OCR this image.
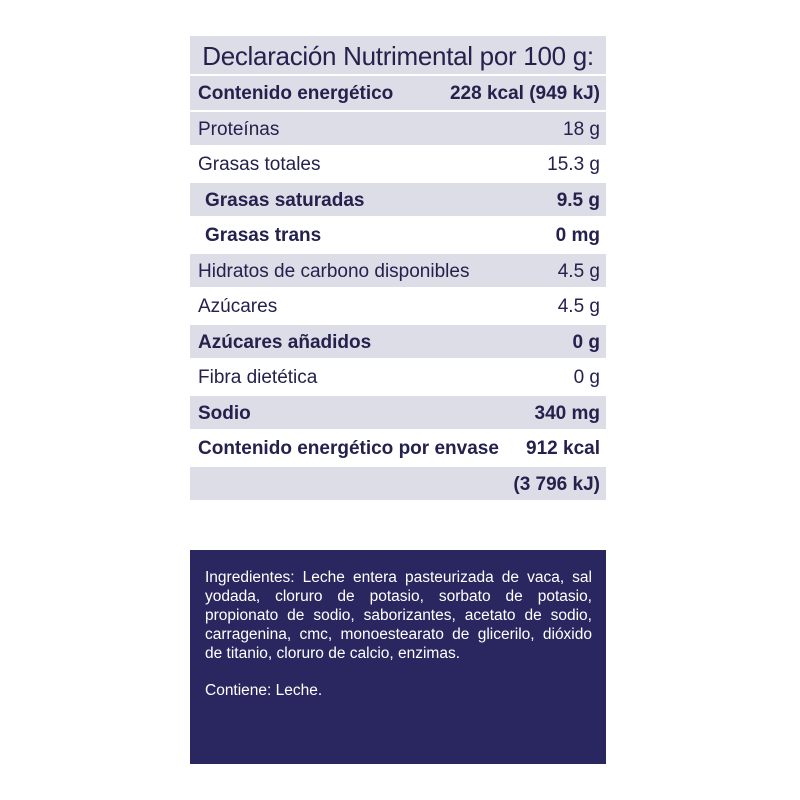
Declaración Nutrimental por 100 g:
Contenido energético	228 kcal (949 kJ)
Proteínas	18 g
Grasas totales	15.3 g
Grasas saturadas	9.5 g
Grasas trans	0 mg
Hidratos de carbono disponibles	4.5 g
Azúcares	4.5 g
Azúcares añadidos	0 g
Fibra dietética	0 g
Sodio	340 mg
Contenido energético por envase 912 kcal
(3 796 kJ)

Ingredientes: Leche entera pasteurizada de vaca, sal yodada, cloruro de potasio, sorbato de potasio, propionato de sodio, saborizantes, acetato de sodio, carragenina, cmc, monoestearato de glicerilo, dióxido de titanio, cloruro de calcio, enzimas.

Contiene: Leche.
